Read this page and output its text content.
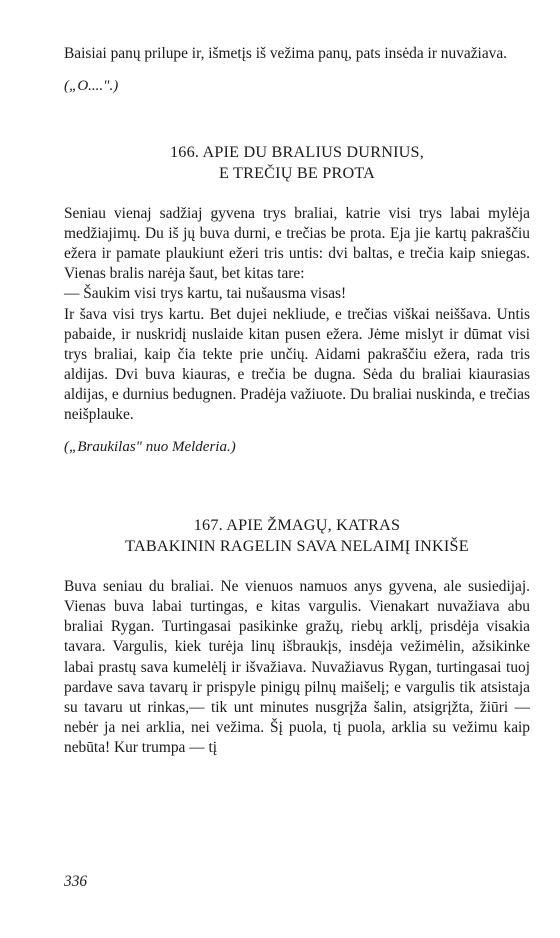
Baisiai panų prilupe ir, išmetįs iš vežima panų, pats insėda ir nuvažiava.

(„O....".)

166. APIE DU BRALIUS DURNIUS,
E TREČIŲ BE PROTA

Seniau vienaj sadžiaj gyvena trys braliai, katrie visi trys labai mylėja medžiajimų. Du iš jų buva durni, e trečias be prota. Eja jie kartų pakraščiu ežera ir pamate plaukiunt ežeri tris untis: dvi baltas, e trečia kaip sniegas. Vienas bralis narėja šaut, bet kitas tare:

— Šaukim visi trys kartu, tai nušausma visas!

Ir šava visi trys kartu. Bet dujei nekliude, e trečias viškai neiššava. Untis pabaide, ir nuskridį nuslaide kitan pusen ežera. Jėme mislyt ir dūmat visi trys braliai, kaip čia tekte prie unčių. Aidami pakraščiu ežera, rada tris aldijas. Dvi buva kiauras, e trečia be dugna. Sėda du braliai kiaurasias aldijas, e durnius bedugnen. Pradėja važiuote. Du braliai nuskinda, e trečias neišplauke.

(„Braukilas" nuo Melderia.)

167. APIE ŽMAGŲ, KATRAS
TABAKININ RAGELIN SAVA NELAIMĮ INKIŠE

Buva seniau du braliai. Ne vienuos namuos anys gyvena, ale susiedijaj. Vienas buva labai turtingas, e kitas vargulis. Vienakart nuvažiava abu braliai Rygan. Turtingasai pasikinke gražų, riebų arklį, prisdėja visakia tavara. Vargulis, kiek turėja linų išbraukįs, insdėja vežimėlin, ažsikinke labai prastų sava kumelėlį ir išvažiava. Nuvažiavus Rygan, turtingasai tuoj pardave sava tavarų ir prispyle pinigų pilnų maišelį; e vargulis tik atsistaja su tavaru ut rinkas,— tik unt minutes nusgrįža šalin, atsigrįžta, žiūri — nebėr ja nei arklia, nei vežima. Šį puola, tį puola, arklia su vežimu kaip nebūta! Kur trumpa — tį

336
